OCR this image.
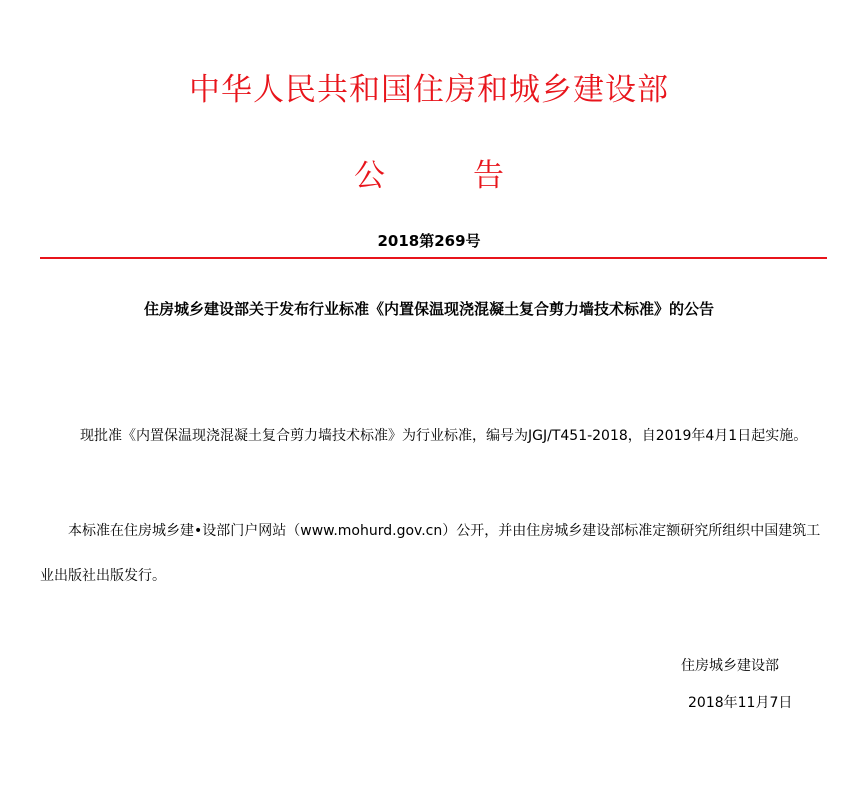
中华人民共和国住房和城乡建设部
公	告
2018第269号
住房城乡建设部关于发布行业标准《内置保温现浇混凝土复合剪力墙技术标准》的公告
现批准《内置保温现浇混凝土复合剪力墙技术标准》为行业标准，编号为JGJ/T451-2018，自2019年4月1日起实施。
本标准在住房城乡建•设部门户网站（www.mohurd.gov.cn）公开，并由住房城乡建设部标准定额研究所组织中国建筑工业出版社出版发行。
住房城乡建设部
2018年11月7日
